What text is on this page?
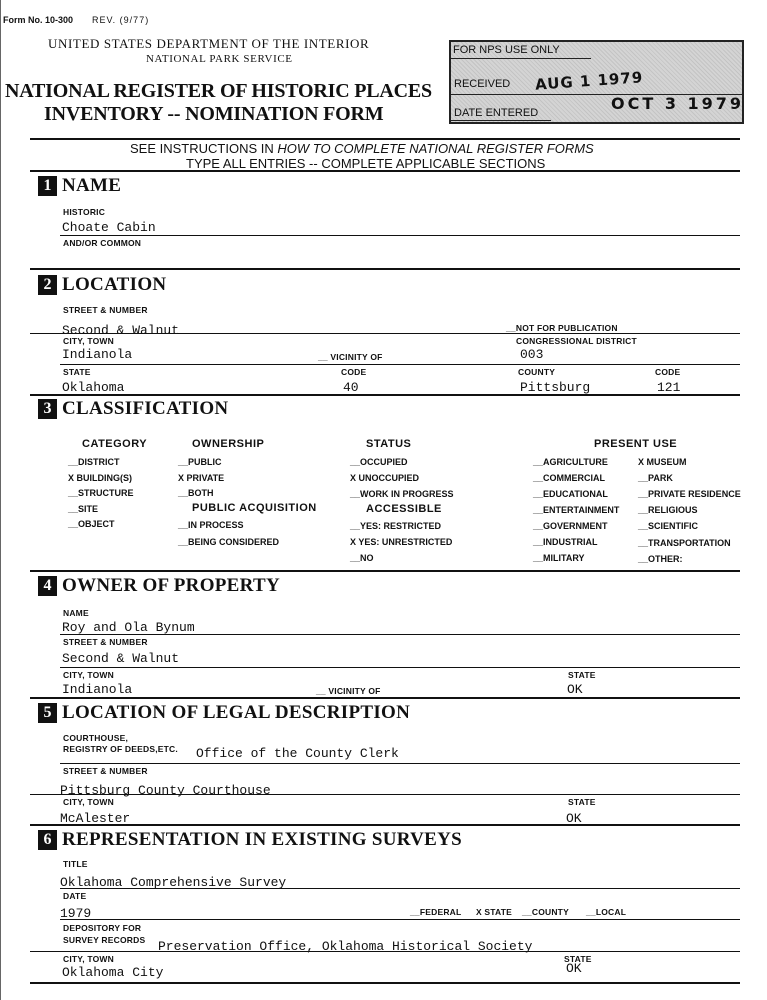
Form No. 10-300 REV. (9/77)
UNITED STATES DEPARTMENT OF THE INTERIOR
NATIONAL PARK SERVICE
NATIONAL REGISTER OF HISTORIC PLACES
INVENTORY -- NOMINATION FORM
FOR NPS USE ONLY
RECEIVED AUG 1 1979
DATE ENTERED	OCT 3 1979
SEE INSTRUCTIONS IN HOW TO COMPLETE NATIONAL REGISTER FORMS
TYPE ALL ENTRIES -- COMPLETE APPLICABLE SECTIONS
1 NAME
HISTORIC
Choate Cabin
AND/OR COMMON
2 LOCATION
STREET & NUMBER
Second & Walnut	__NOT FOR PUBLICATION
CITY, TOWN	CONGRESSIONAL DISTRICT
Indianola	__ VICINITY OF	003
STATE	CODE	COUNTY	CODE
Oklahoma	40	Pittsburg	121
3 CLASSIFICATION
CATEGORY
__DISTRICT
X BUILDING(S)
__STRUCTURE
__SITE
__OBJECT
OWNERSHIP
__PUBLIC
X PRIVATE
__BOTH
PUBLIC ACQUISITION
__IN PROCESS
__BEING CONSIDERED
STATUS
__OCCUPIED
X UNOCCUPIED
__WORK IN PROGRESS
ACCESSIBLE
__YES: RESTRICTED
X YES: UNRESTRICTED
__NO
PRESENT USE
__AGRICULTURE
__COMMERCIAL
__EDUCATIONAL
__ENTERTAINMENT
__GOVERNMENT
__INDUSTRIAL
__MILITARY
X MUSEUM
__PARK
__PRIVATE RESIDENCE
__RELIGIOUS
__SCIENTIFIC
__TRANSPORTATION
__OTHER:
4 OWNER OF PROPERTY
NAME
Roy and Ola Bynum
STREET & NUMBER
Second & Walnut
CITY, TOWN	STATE
Indianola	__ VICINITY OF	OK
5 LOCATION OF LEGAL DESCRIPTION
COURTHOUSE,
REGISTRY OF DEEDS,ETC. Office of the County Clerk
STREET & NUMBER
Pittsburg County Courthouse
CITY, TOWN	STATE
McAlester	OK
6 REPRESENTATION IN EXISTING SURVEYS
TITLE
Oklahoma Comprehensive Survey
DATE
1979	__FEDERAL X STATE __COUNTY __LOCAL
DEPOSITORY FOR
SURVEY RECORDS Preservation Office, Oklahoma Historical Society
CITY, TOWN	STATE
Oklahoma City	OK
